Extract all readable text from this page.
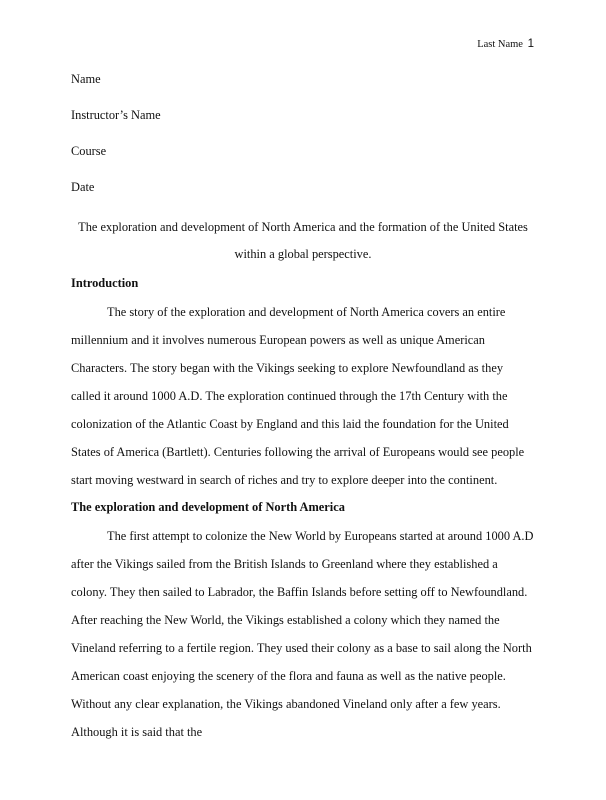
Last Name 1
Name
Instructor’s Name
Course
Date
The exploration and development of North America and the formation of the United States within a global perspective.
Introduction

The story of the exploration and development of North America covers an entire millennium and it involves numerous European powers as well as unique American Characters. The story began with the Vikings seeking to explore Newfoundland as they called it around 1000 A.D. The exploration continued through the 17th Century with the colonization of the Atlantic Coast by England and this laid the foundation for the United States of America (Bartlett). Centuries following the arrival of Europeans would see people start moving westward in search of riches and try to explore deeper into the continent.

The exploration and development of North America

The first attempt to colonize the New World by Europeans started at around 1000 A.D after the Vikings sailed from the British Islands to Greenland where they established a colony. They then sailed to Labrador, the Baffin Islands before setting off to Newfoundland. After reaching the New World, the Vikings established a colony which they named the Vineland referring to a fertile region. They used their colony as a base to sail along the North American coast enjoying the scenery of the flora and fauna as well as the native people. Without any clear explanation, the Vikings abandoned Vineland only after a few years. Although it is said that the
